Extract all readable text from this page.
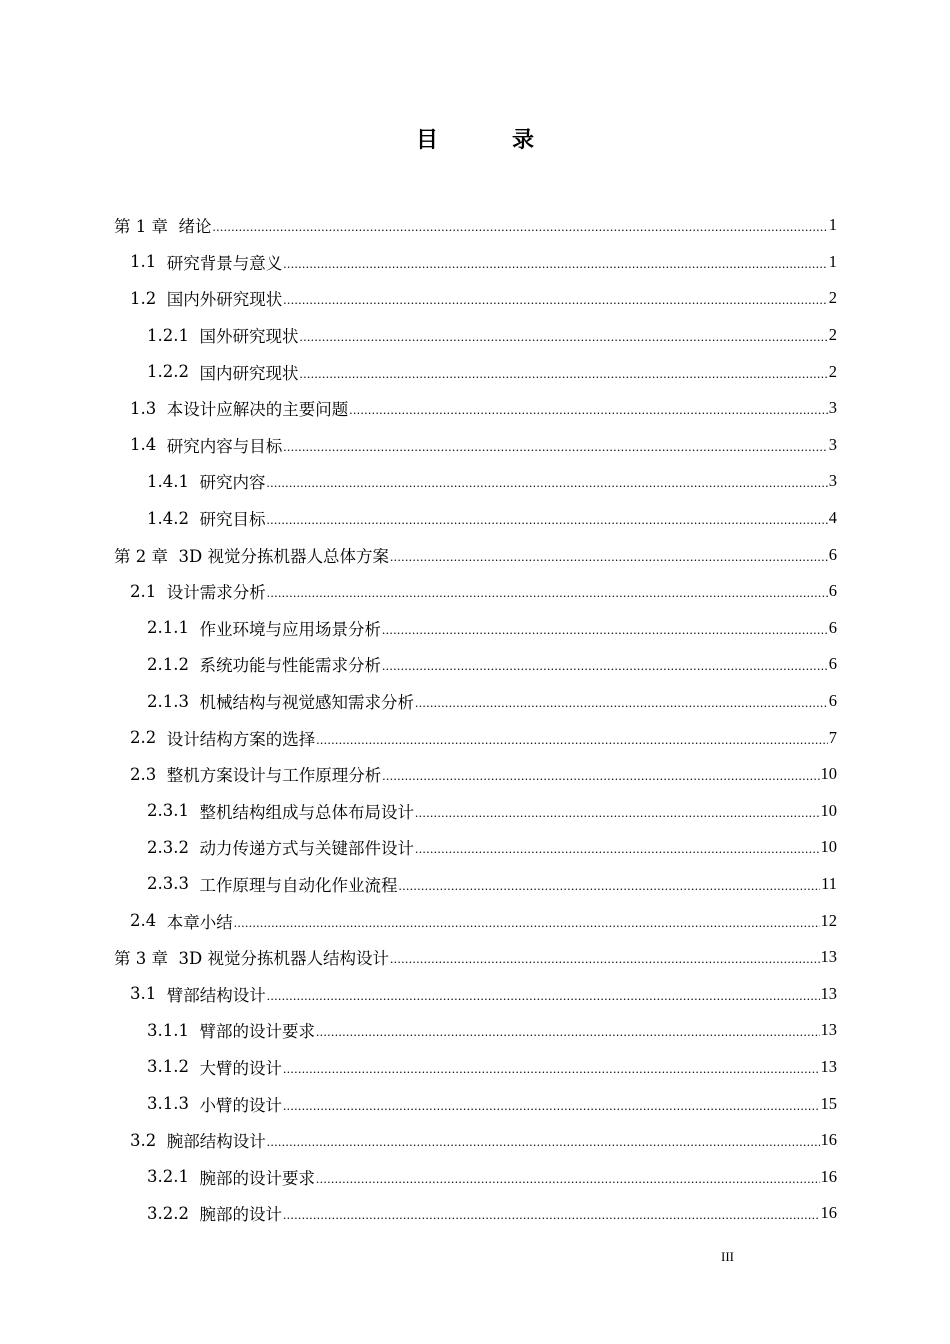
目　录
第 1 章 绪论 .....	1
1.1 研究背景与意义 .....	1
1.2 国内外研究现状 .....	2
1.2.1 国外研究现状 .....	2
1.2.2 国内研究现状 .....	2
1.3 本设计应解决的主要问题 .....	3
1.4 研究内容与目标 .....	3
1.4.1 研究内容 .....	3
1.4.2 研究目标 .....	4
第 2 章 3D 视觉分拣机器人总体方案 .....	6
2.1 设计需求分析 .....	6
2.1.1 作业环境与应用场景分析 .....	6
2.1.2 系统功能与性能需求分析 .....	6
2.1.3 机械结构与视觉感知需求分析 .....	6
2.2 设计结构方案的选择 .....	7
2.3 整机方案设计与工作原理分析 .....	10
2.3.1 整机结构组成与总体布局设计 .....	10
2.3.2 动力传递方式与关键部件设计 .....	10
2.3.3 工作原理与自动化作业流程 .....	11
2.4 本章小结 .....	12
第 3 章 3D 视觉分拣机器人结构设计 .....	13
3.1 臂部结构设计 .....	13
3.1.1 臂部的设计要求 .....	13
3.1.2 大臂的设计 .....	13
3.1.3 小臂的设计 .....	15
3.2 腕部结构设计 .....	16
3.2.1 腕部的设计要求 .....	16
3.2.2 腕部的设计 .....	16
III
